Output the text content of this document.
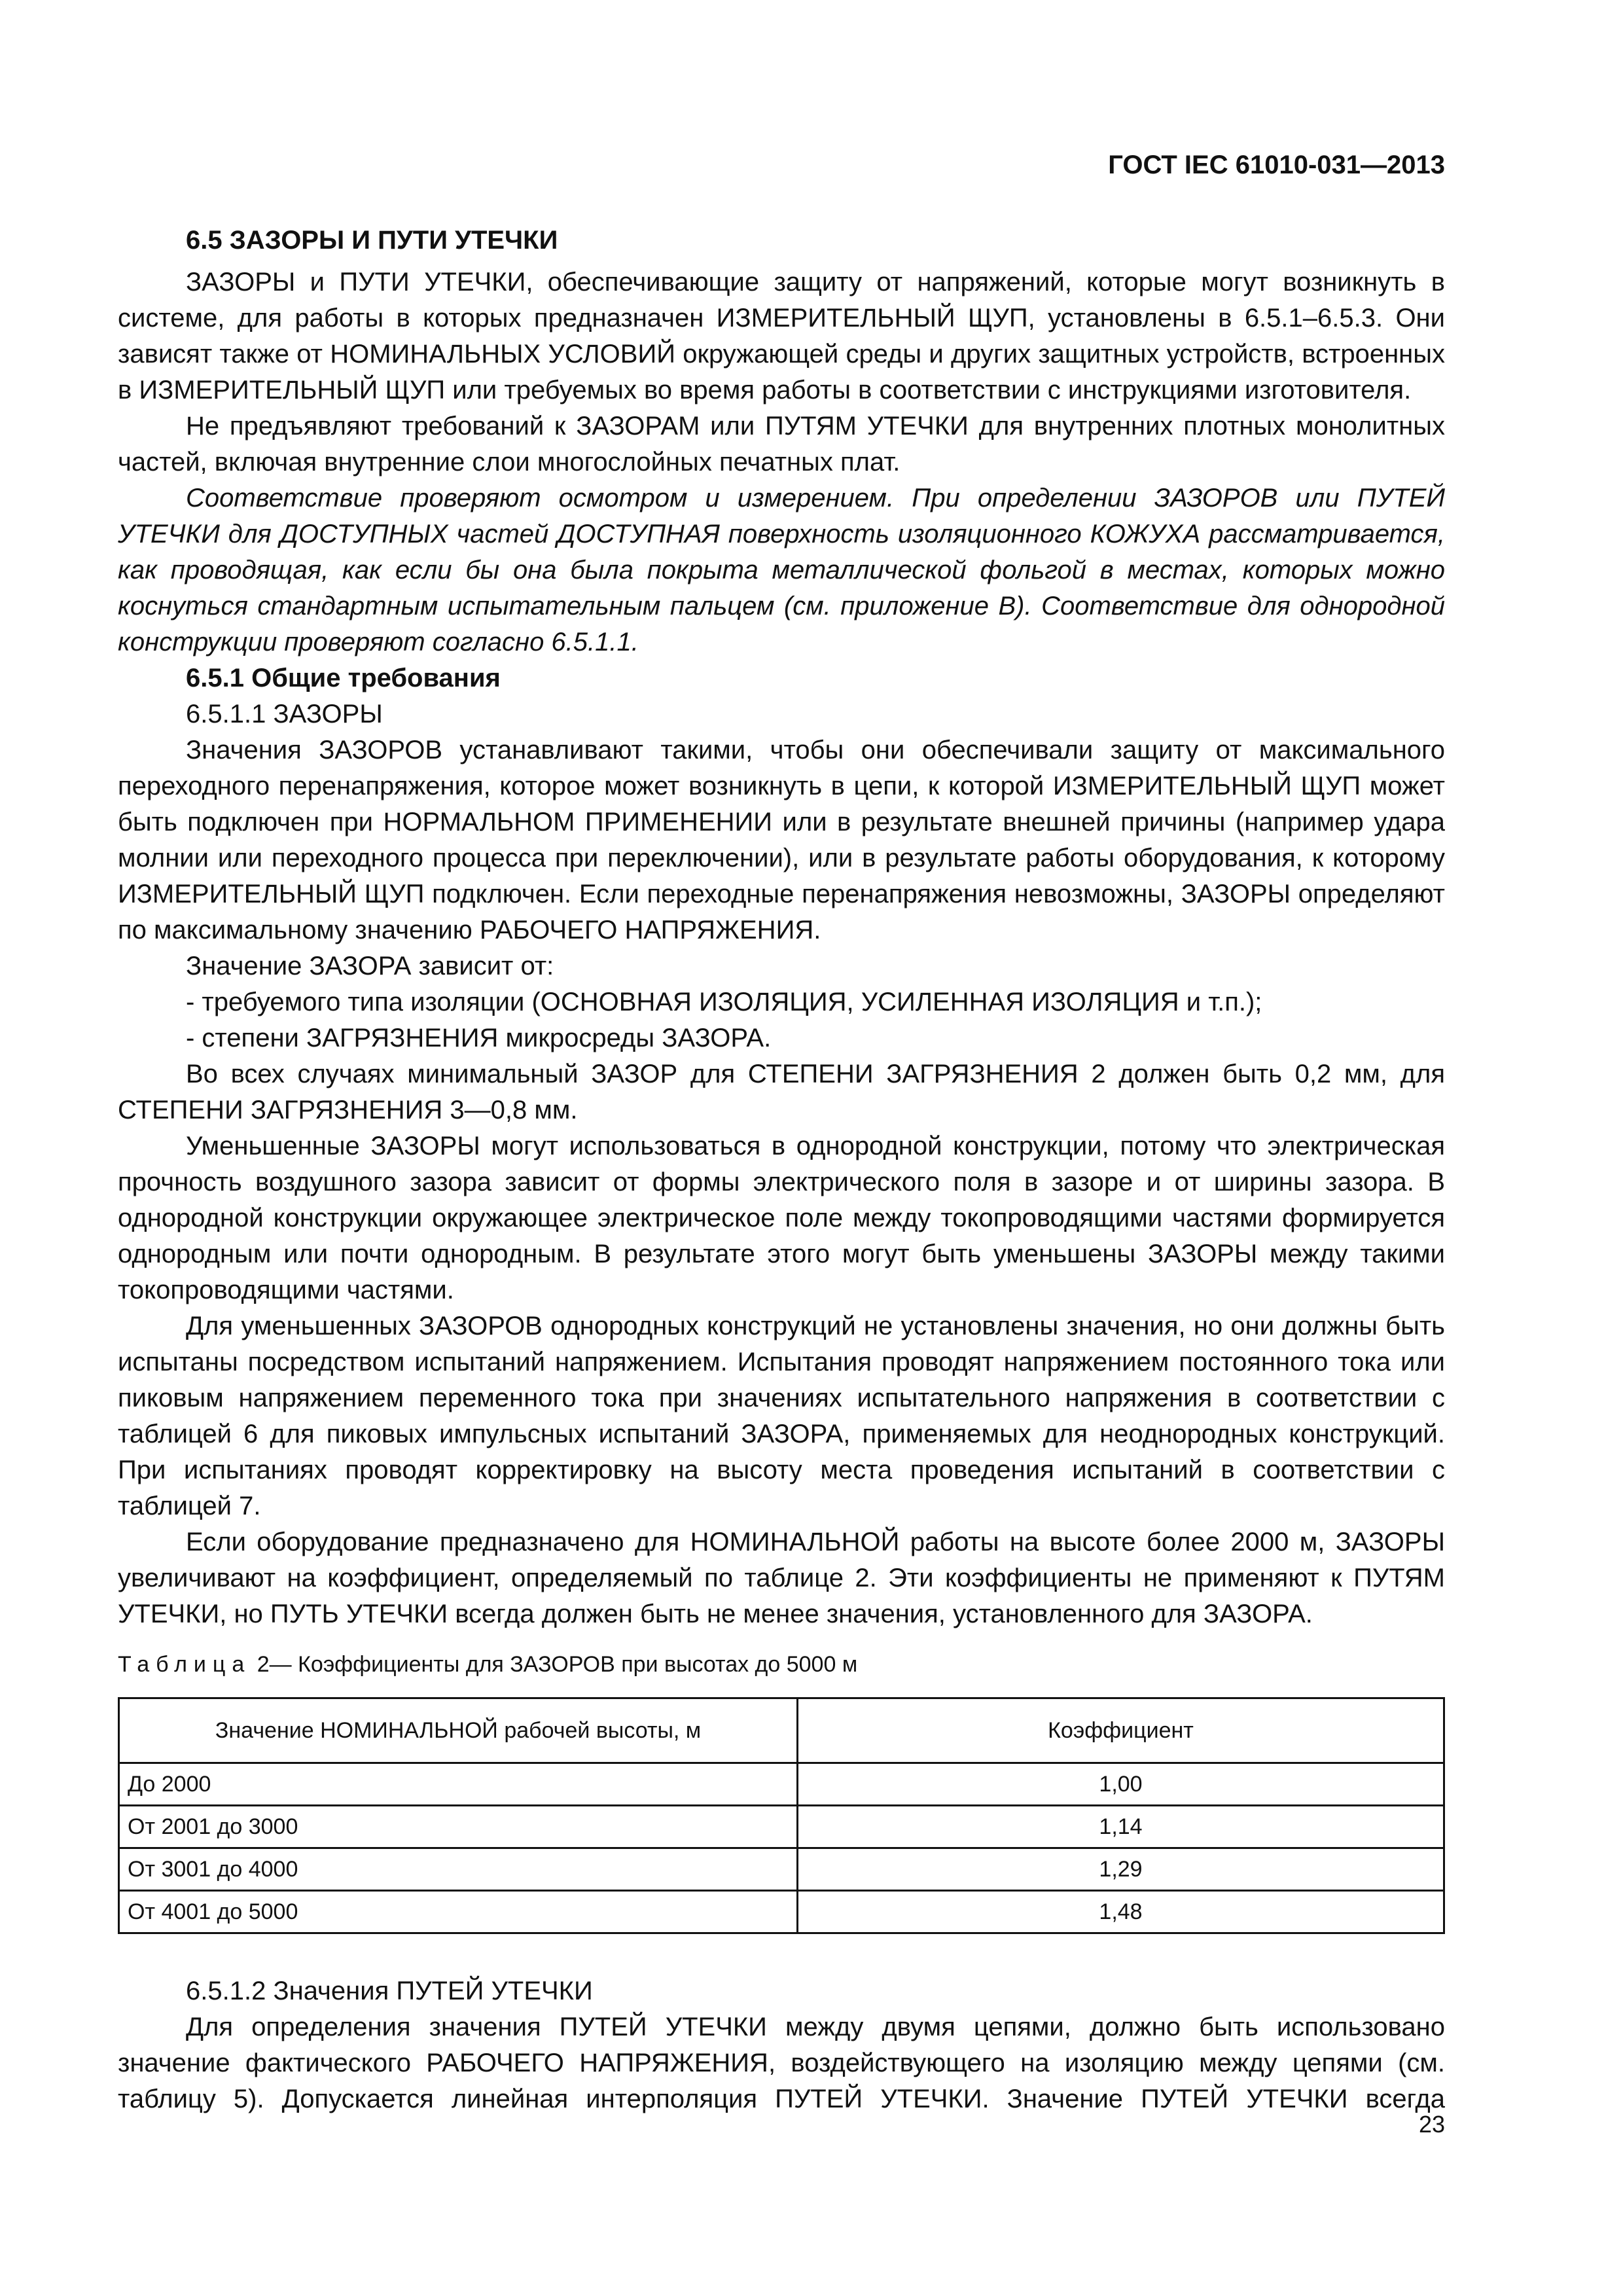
ГОСТ IEC 61010-031—2013

6.5 ЗАЗОРЫ И ПУТИ УТЕЧКИ

ЗАЗОРЫ и ПУТИ УТЕЧКИ, обеспечивающие защиту от напряжений, которые могут возникнуть в системе, для работы в которых предназначен ИЗМЕРИТЕЛЬНЫЙ ЩУП, установлены в 6.5.1–6.5.3. Они зависят также от НОМИНАЛЬНЫХ УСЛОВИЙ окружающей среды и других защитных устройств, встроенных в ИЗМЕРИТЕЛЬНЫЙ ЩУП или требуемых во время работы в соответствии с инструкциями изготовителя.

Не предъявляют требований к ЗАЗОРАМ или ПУТЯМ УТЕЧКИ для внутренних плотных монолитных частей, включая внутренние слои многослойных печатных плат.

Соответствие проверяют осмотром и измерением. При определении ЗАЗОРОВ или ПУТЕЙ УТЕЧКИ для ДОСТУПНЫХ частей ДОСТУПНАЯ поверхность изоляционного КОЖУХА рассматривается, как проводящая, как если бы она была покрыта металлической фольгой в местах, которых можно коснуться стандартным испытательным пальцем (см. приложение В). Соответствие для однородной конструкции проверяют согласно 6.5.1.1.

6.5.1 Общие требования

6.5.1.1 ЗАЗОРЫ

Значения ЗАЗОРОВ устанавливают такими, чтобы они обеспечивали защиту от максимального переходного перенапряжения, которое может возникнуть в цепи, к которой ИЗМЕРИТЕЛЬНЫЙ ЩУП может быть подключен при НОРМАЛЬНОМ ПРИМЕНЕНИИ или в результате внешней причины (например удара молнии или переходного процесса при переключении), или в результате работы оборудования, к которому ИЗМЕРИТЕЛЬНЫЙ ЩУП подключен. Если переходные перенапряжения невозможны, ЗАЗОРЫ определяют по максимальному значению РАБОЧЕГО НАПРЯЖЕНИЯ.

Значение ЗАЗОРА зависит от:

- требуемого типа изоляции (ОСНОВНАЯ ИЗОЛЯЦИЯ, УСИЛЕННАЯ ИЗОЛЯЦИЯ и т.п.);

- степени ЗАГРЯЗНЕНИЯ микросреды ЗАЗОРА.

Во всех случаях минимальный ЗАЗОР для СТЕПЕНИ ЗАГРЯЗНЕНИЯ 2 должен быть 0,2 мм, для СТЕПЕНИ ЗАГРЯЗНЕНИЯ 3—0,8 мм.

Уменьшенные ЗАЗОРЫ могут использоваться в однородной конструкции, потому что электрическая прочность воздушного зазора зависит от формы электрического поля в зазоре и от ширины зазора. В однородной конструкции окружающее электрическое поле между токопроводящими частями формируется однородным или почти однородным. В результате этого могут быть уменьшены ЗАЗОРЫ между такими токопроводящими частями.

Для уменьшенных ЗАЗОРОВ однородных конструкций не установлены значения, но они должны быть испытаны посредством испытаний напряжением. Испытания проводят напряжением постоянного тока или пиковым напряжением переменного тока при значениях испытательного напряжения в соответствии с таблицей 6 для пиковых импульсных испытаний ЗАЗОРА, применяемых для неоднородных конструкций. При испытаниях проводят корректировку на высоту места проведения испытаний в соответствии с таблицей 7.

Если оборудование предназначено для НОМИНАЛЬНОЙ работы на высоте более 2000 м, ЗАЗОРЫ увеличивают на коэффициент, определяемый по таблице 2. Эти коэффициенты не применяют к ПУТЯМ УТЕЧКИ, но ПУТЬ УТЕЧКИ всегда должен быть не менее значения, установленного для ЗАЗОРА.

Таблица 2— Коэффициенты для ЗАЗОРОВ при высотах до 5000 м
Значение НОМИНАЛЬНОЙ рабочей высоты, м	Коэффициент
До 2000	1,00
От 2001 до 3000	1,14
От 3001 до 4000	1,29
От 4001 до 5000	1,48

6.5.1.2 Значения ПУТЕЙ УТЕЧКИ

Для определения значения ПУТЕЙ УТЕЧКИ между двумя цепями, должно быть использовано значение фактического РАБОЧЕГО НАПРЯЖЕНИЯ, воздействующего на изоляцию между цепями (см. таблицу 5). Допускается линейная интерполяция ПУТЕЙ УТЕЧКИ. Значение ПУТЕЙ УТЕЧКИ всегда

23
